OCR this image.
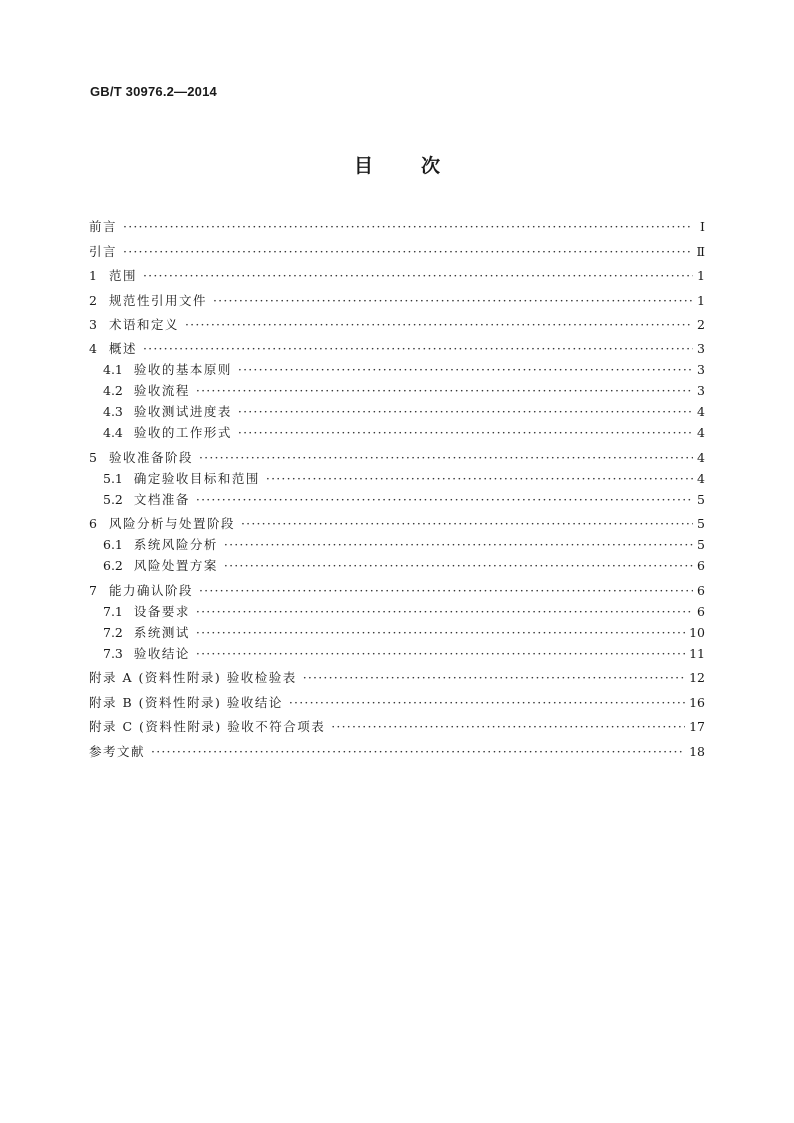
GB/T 30976.2—2014
目	次
前言 ·····	Ⅰ
引言 ·····	Ⅱ
1 范围 ·····	1
2 规范性引用文件 ·····	1
3 术语和定义 ·····	2
4 概述 ·····	3
4.1 验收的基本原则 ·····	3
4.2 验收流程 ·····	3
4.3 验收测试进度表 ·····	4
4.4 验收的工作形式 ·····	4
5 验收准备阶段 ·····	4
5.1 确定验收目标和范围 ·····	4
5.2 文档准备 ·····	5
6 风险分析与处置阶段 ·····	5
6.1 系统风险分析 ·····	5
6.2 风险处置方案 ·····	6
7 能力确认阶段 ·····	6
7.1 设备要求 ·····	6
7.2 系统测试 ·····	10
7.3 验收结论 ·····	11
附录 A (资料性附录) 验收检验表 ·····	12
附录 B (资料性附录) 验收结论 ·····	16
附录 C (资料性附录) 验收不符合项表 ·····	17
参考文献 ·····	18
